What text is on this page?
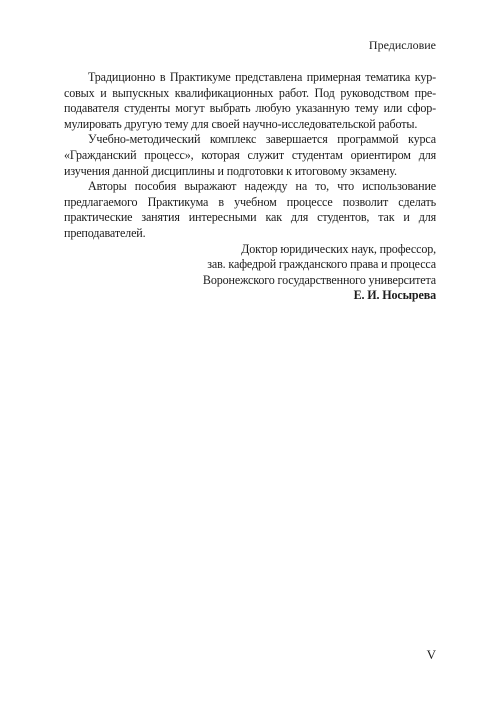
Предисловие

Традиционно в Практикуме представлена примерная тематика кур-
совых и выпускных квалификационных работ. Под руководством пре-
подавателя студенты могут выбрать любую указанную тему или сфор-
мулировать другую тему для своей научно-исследовательской работы.

Учебно-методический комплекс завершается программой курса
«Гражданский процесс», которая служит студентам ориентиром для
изучения данной дисциплины и подготовки к итоговому экзамену.

Авторы пособия выражают надежду на то, что использование
предлагаемого Практикума в учебном процессе позволит сделать
практические занятия интересными как для студентов, так и для
преподавателей.

Доктор юридических наук, профессор,
зав. кафедрой гражданского права и процесса
Воронежского государственного университета
Е. И. Носырева
V
